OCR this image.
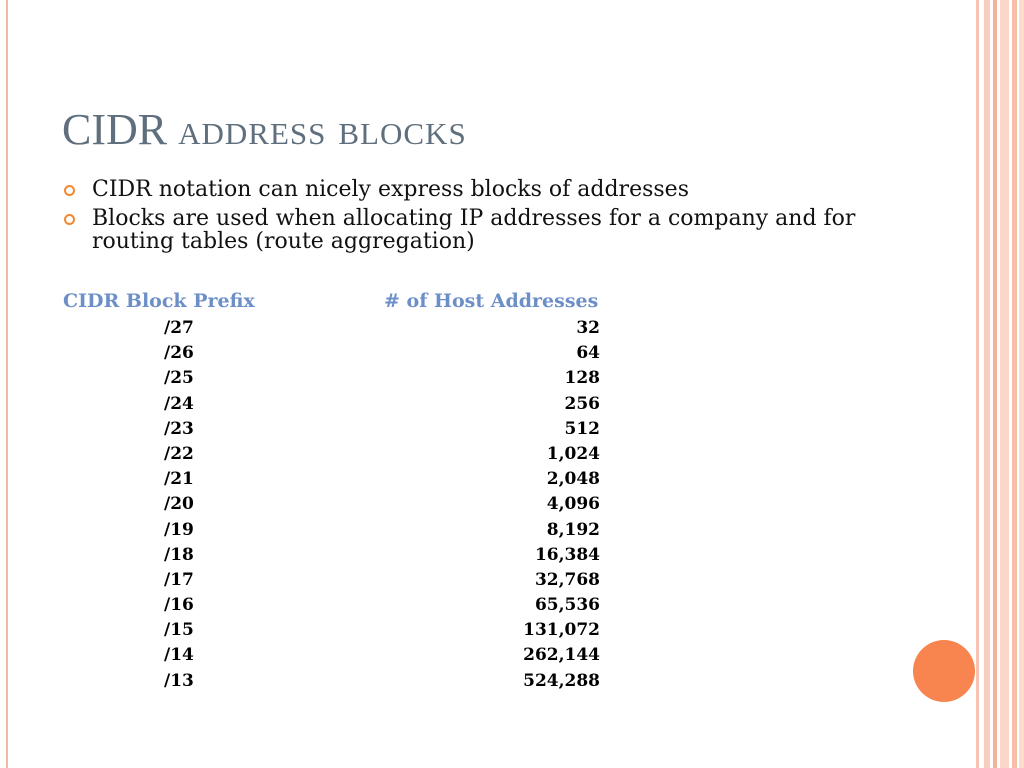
CIDR address blocks
CIDR notation can nicely express blocks of addresses
Blocks are used when allocating IP addresses for a company and for routing tables (route aggregation)
CIDR Block Prefix	# of Host Addresses
/27	32
/26	64
/25	128
/24	256
/23	512
/22	1,024
/21	2,048
/20	4,096
/19	8,192
/18	16,384
/17	32,768
/16	65,536
/15	131,072
/14	262,144
/13	524,288
